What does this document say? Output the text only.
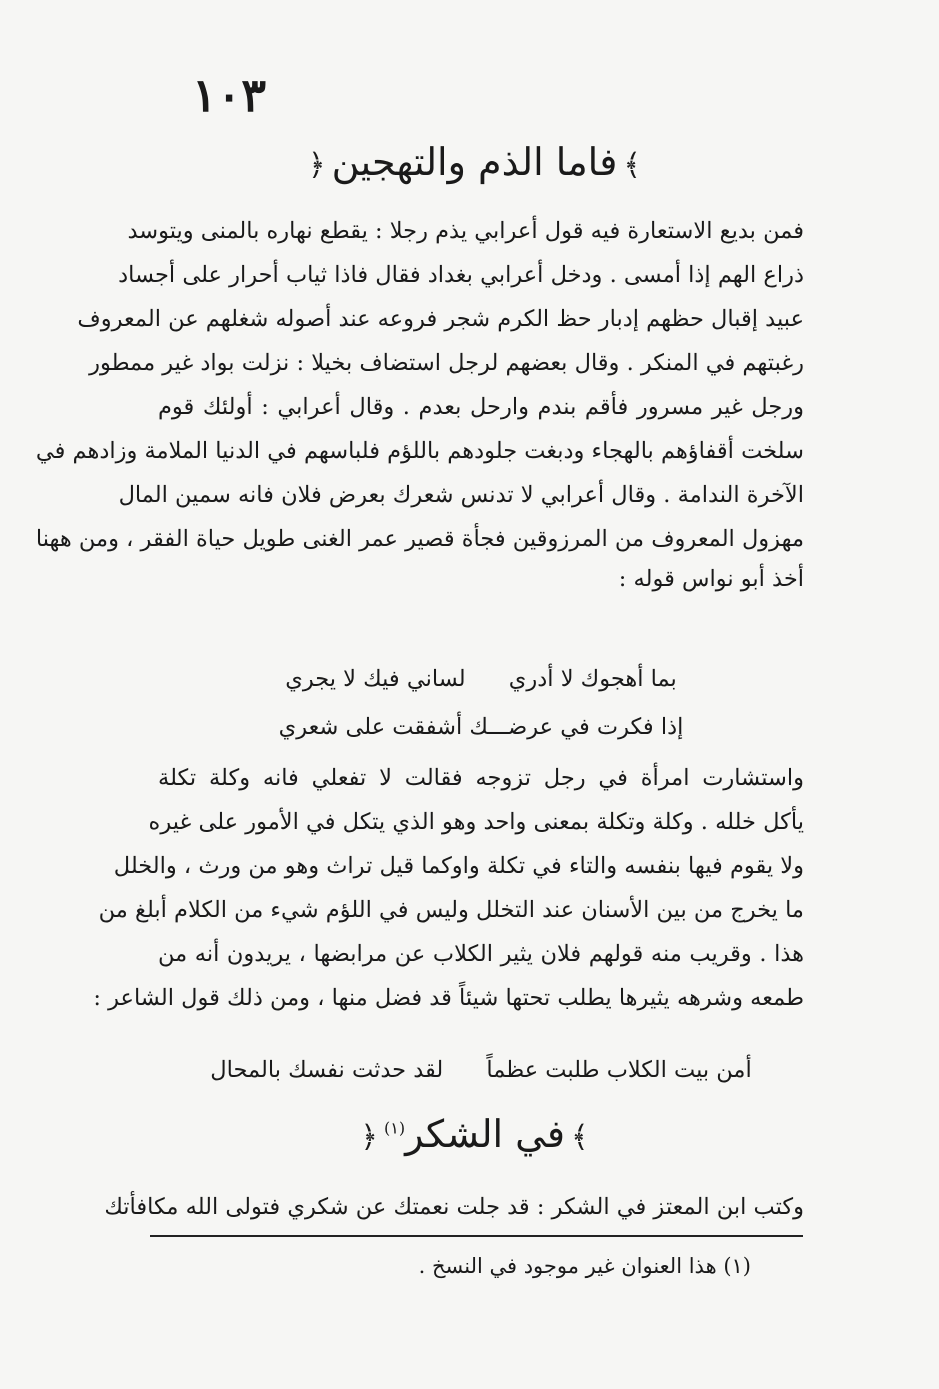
١٠٣
﴾فاما الذم والتهجين﴿
فمن بديع الاستعارة فيه قول أعرابي يذم رجلا : يقطع نهاره بالمنى ويتوسد
ذراع الهم إذا أمسى . ودخل أعرابي بغداد فقال فاذا ثياب أحرار على أجساد
عبيد إقبال حظهم إدبار حظ الكرم شجر فروعه عند أصوله شغلهم عن المعروف
رغبتهم في المنكر . وقال بعضهم لرجل استضاف بخيلا : نزلت بواد غير ممطور
ورجل غير مسرور فأقم بندم وارحل بعدم . وقال أعرابي : أولئك قوم
سلخت أقفاؤهم بالهجاء ودبغت جلودهم باللؤم فلباسهم في الدنيا الملامة وزادهم في
الآخرة الندامة . وقال أعرابي لا تدنس شعرك بعرض فلان فانه سمين المال
مهزول المعروف من المرزوقين فجأة قصير عمر الغنى طويل حياة الفقر ، ومن ههنا
أخذ أبو نواس قوله :
بما أهجوك لا أدري لساني فيك لا يجري
إذا فكرت في عرضـــك أشفقت على شعري
واستشارت امرأة في رجل تزوجه فقالت لا تفعلي فانه وكلة تكلة
يأكل خلله . وكلة وتكلة بمعنى واحد وهو الذي يتكل في الأمور على غيره
ولا يقوم فيها بنفسه والتاء في تكلة واوكما قيل تراث وهو من ورث ، والخلل
ما يخرج من بين الأسنان عند التخلل وليس في اللؤم شيء من الكلام أبلغ من
هذا . وقريب منه قولهم فلان يثير الكلاب عن مرابضها ، يريدون أنه من
طمعه وشرهه يثيرها يطلب تحتها شيئاً قد فضل منها ، ومن ذلك قول الشاعر :
أمن بيت الكلاب طلبت عظماً لقد حدثت نفسك بالمحال
﴾في الشكر$^{(١)}$﴿
وكتب ابن المعتز في الشكر : قد جلت نعمتك عن شكري فتولى الله مكافأتك
(١) هذا العنوان غير موجود في النسخ .
